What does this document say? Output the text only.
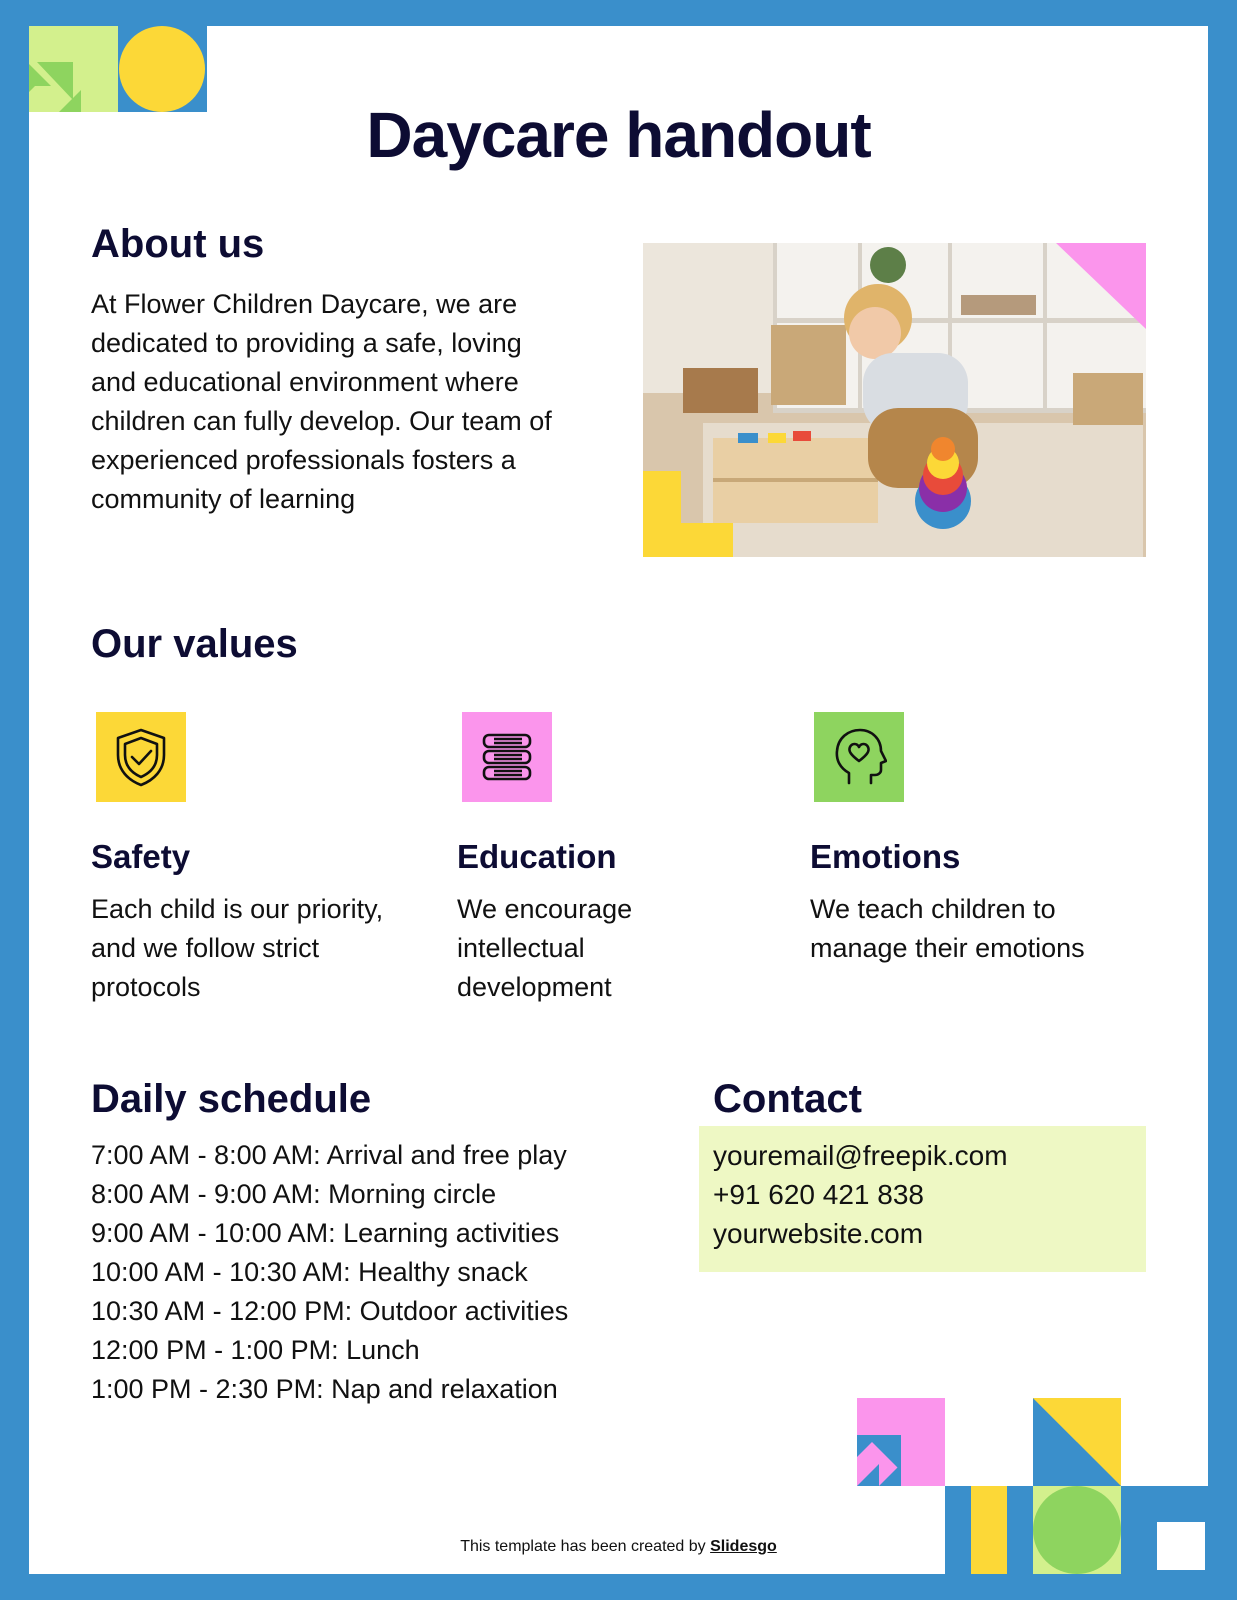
Daycare handout
About us
At Flower Children Daycare, we are dedicated to providing a safe, loving and educational environment where children can fully develop. Our team of experienced professionals fosters a community of learning
Our values
Safety
Each child is our priority, and we follow strict protocols
Education
We encourage intellectual development
Emotions
We teach children to manage their emotions
Daily schedule
7:00 AM - 8:00 AM: Arrival and free play
8:00 AM - 9:00 AM: Morning circle
9:00 AM - 10:00 AM: Learning activities
10:00 AM - 10:30 AM: Healthy snack
10:30 AM - 12:00 PM: Outdoor activities
12:00 PM - 1:00 PM: Lunch
1:00 PM - 2:30 PM: Nap and relaxation
Contact
youremail@freepik.com
+91 620 421 838
yourwebsite.com
This template has been created by Slidesgo
